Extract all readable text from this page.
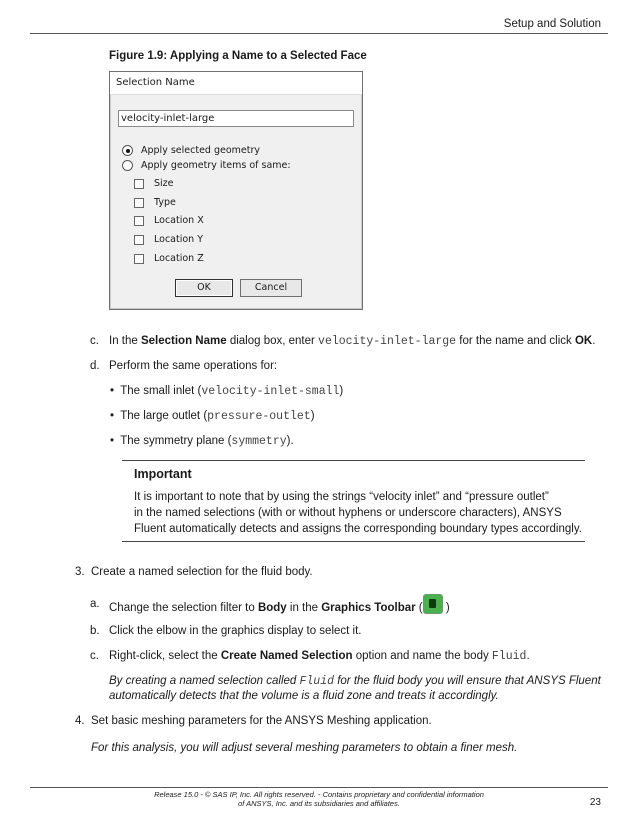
Setup and Solution
Figure 1.9: Applying a Name to a Selected Face
Selection Name
velocity-inlet-large
Apply selected geometry
Apply geometry items of same:
Size
Type
Location X
Location Y
Location Z
OK	Cancel
c. In the Selection Name dialog box, enter velocity-inlet-large for the name and click OK.
d. Perform the same operations for:
• The small inlet (velocity-inlet-small)
• The large outlet (pressure-outlet)
• The symmetry plane (symmetry).
Important
It is important to note that by using the strings “velocity inlet” and “pressure outlet”
in the named selections (with or without hyphens or underscore characters), ANSYS
Fluent automatically detects and assigns the corresponding boundary types accordingly.
3. Create a named selection for the fluid body.
a. Change the selection filter to Body in the Graphics Toolbar ( )
b. Click the elbow in the graphics display to select it.
c. Right-click, select the Create Named Selection option and name the body Fluid.
By creating a named selection called Fluid for the fluid body you will ensure that ANSYS Fluent
automatically detects that the volume is a fluid zone and treats it accordingly.
4. Set basic meshing parameters for the ANSYS Meshing application.
For this analysis, you will adjust several meshing parameters to obtain a finer mesh.
Release 15.0 - © SAS IP, Inc. All rights reserved. - Contains proprietary and confidential information
of ANSYS, Inc. and its subsidiaries and affiliates.	23
